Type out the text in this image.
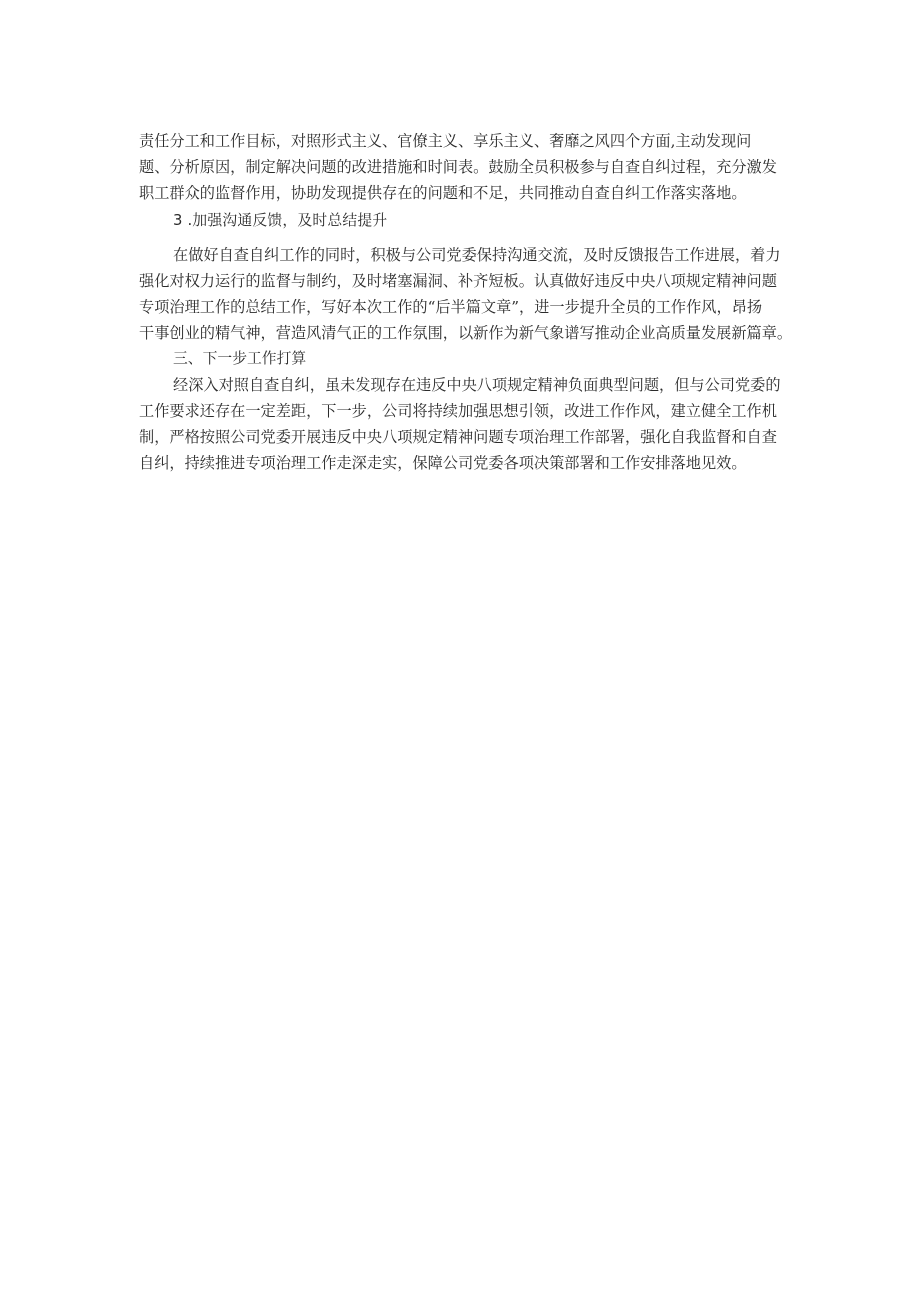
责任分工和工作目标，对照形式主义、官僚主义、享乐主义、奢靡之风四个方面,主动发现问
题、分析原因，制定解决问题的改进措施和时间表。鼓励全员积极参与自查自纠过程，充分激发
职工群众的监督作用，协助发现提供存在的问题和不足，共同推动自查自纠工作落实落地。
3 .加强沟通反馈，及时总结提升
在做好自查自纠工作的同时，积极与公司党委保持沟通交流，及时反馈报告工作进展，着力
强化对权力运行的监督与制约，及时堵塞漏洞、补齐短板。认真做好违反中央八项规定精神问题
专项治理工作的总结工作，写好本次工作的“后半篇文章”，进一步提升全员的工作作风，昂扬
干事创业的精气神，营造风清气正的工作氛围，以新作为新气象谱写推动企业高质量发展新篇章。
三、下一步工作打算
经深入对照自查自纠，虽未发现存在违反中央八项规定精神负面典型问题，但与公司党委的
工作要求还存在一定差距，下一步，公司将持续加强思想引领，改进工作作风，建立健全工作机
制，严格按照公司党委开展违反中央八项规定精神问题专项治理工作部署，强化自我监督和自查
自纠，持续推进专项治理工作走深走实，保障公司党委各项决策部署和工作安排落地见效。
